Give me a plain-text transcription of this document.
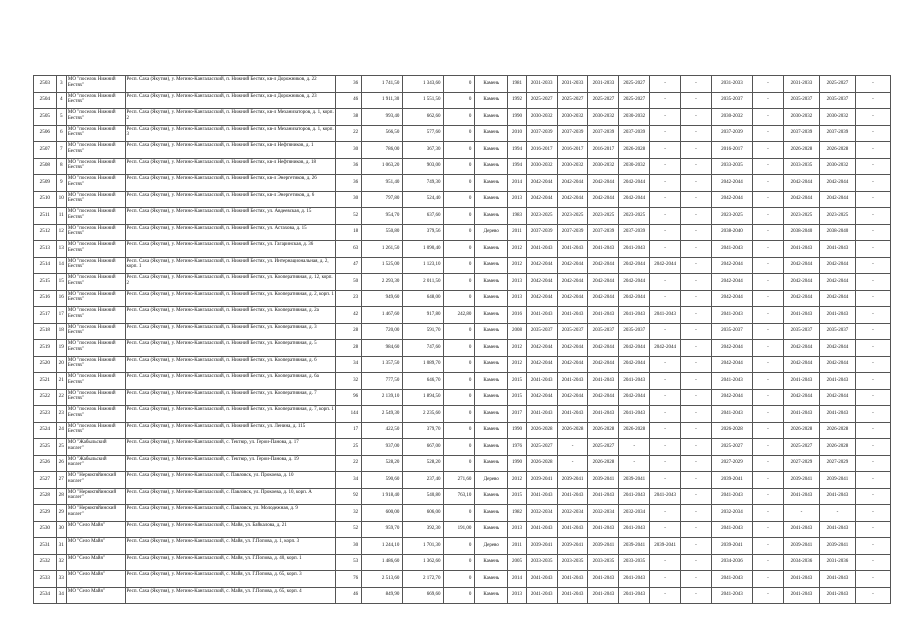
2503	3	МО "поселок Нижний Бестях"	Респ. Саха (Якутия), у. Мегино-Кангаласский, п. Нижний Бестях, кв-л Дорожников, д. 22	36	1 741,50	1 343,60	0	Камень	1981	2031-2033	2031-2033	2031-2033	2025-2027	-	-	2031-2033	-	2031-2033	2025-2027	-
2504	4	МО "поселок Нижний Бестях"	Респ. Саха (Якутия), у. Мегино-Кангаласский, п. Нижний Бестях, кв-л Дорожников, д. 23	46	1 911,30	1 551,50	0	Камень	1992	2025-2027	2025-2027	2025-2027	2025-2027	-	-	2035-2037	-	2035-2037	2035-2037	-
2505	5	МО "поселок Нижний Бестях"	Респ. Саха (Якутия), у. Мегино-Кангаласский, п. Нижний Бестях, кв-л Механизаторов, д. 1, корп. 2	38	993,40	662,60	0	Камень	1990	2030-2032	2030-2032	2030-2032	2030-2032	-	-	2030-2032	-	2030-2032	2030-2032	-
2506	6	МО "поселок Нижний Бестях"	Респ. Саха (Якутия), у. Мегино-Кангаласский, п. Нижний Бестях, кв-л Механизаторов, д. 1, корп. 3	22	566,50	577,60	0	Камень	2010	2037-2039	2037-2039	2037-2039	2037-2039	-	-	2037-2039	-	2037-2039	2037-2039	-
2507	7	МО "поселок Нижний Бестях"	Респ. Саха (Якутия), у. Мегино-Кангаласский, п. Нижний Бестях, кв-л Нефтяников, д. 1	30	786,00	367,30	0	Камень	1994	2016-2017	2016-2017	2016-2017	2026-2028	-	-	2016-2017	-	2026-2028	2026-2028	-
2508	8	МО "поселок Нижний Бестях"	Респ. Саха (Якутия), у. Мегино-Кангаласский, п. Нижний Бестях, кв-л Нефтяников, д. 18	36	1 063,20	903,00	0	Камень	1994	2030-2032	2030-2032	2030-2032	2030-2032	-	-	2033-2035	-	2033-2035	2030-2032	-
2509	9	МО "поселок Нижний Бестях"	Респ. Саха (Якутия), у. Мегино-Кангаласский, п. Нижний Бестях, кв-л Энергетиков, д. 26	36	951,40	749,30	0	Камень	2014	2042-2044	2042-2044	2042-2044	2042-2044	-	-	2042-2044	-	2042-2044	2042-2044	-
2510	10	МО "поселок Нижний Бестях"	Респ. Саха (Якутия), у. Мегино-Кангаласский, п. Нижний Бестях, кв-л Энергетиков, д. 6	30	797,80	524,40	0	Камень	2013	2042-2044	2042-2044	2042-2044	2042-2044	-	-	2042-2044	-	2042-2044	2042-2044	-
2511	11	МО "поселок Нижний Бестях"	Респ. Саха (Якутия), у. Мегино-Кангаласский, п. Нижний Бестях, ул. Авдеевская, д. 15	52	954,70	637,60	0	Камень	1983	2023-2025	2023-2025	2023-2025	2023-2025	-	-	2023-2025	-	2023-2025	2023-2025	-
2512	12	МО "поселок Нижний Бестях"	Респ. Саха (Якутия), у. Мегино-Кангаласский, п. Нижний Бестях, ул. Астахова, д. 15	18	550,80	379,56	0	Дерево	2011	2037-2039	2037-2039	2037-2039	2037-2039	-	-	2038-2040	-	2038-2040	2038-2040	-
2513	13	МО "поселок Нижний Бестях"	Респ. Саха (Якутия), у. Мегино-Кангаласский, п. Нижний Бестях, ул. Гагаринская, д. 36	63	1 261,50	1 090,40	0	Камень	2012	2041-2043	2041-2043	2041-2043	2041-2043	-	-	2041-2043	-	2041-2043	2041-2043	-
2514	14	МО "поселок Нижний Бестях"	Респ. Саха (Якутия), у. Мегино-Кангаласский, п. Нижний Бестях, ул. Интернациональная, д. 2, корп. 1	47	1 525,00	1 123,10	0	Камень	2012	2042-2044	2042-2044	2042-2044	2042-2044	2042-2044	-	2042-2044	-	2042-2044	2042-2044	-
2515	15	МО "поселок Нижний Бестях"	Респ. Саха (Якутия), у. Мегино-Кангаласский, п. Нижний Бестях, ул. Кооперативная, д. 12, корп. 2	50	2 293,30	2 011,50	0	Камень	2013	2042-2044	2042-2044	2042-2044	2042-2044	-	-	2042-2044	-	2042-2044	2042-2044	-
2516	16	МО "поселок Нижний Бестях"	Респ. Саха (Якутия), у. Мегино-Кангаласский, п. Нижний Бестях, ул. Кооперативная, д. 2, корп. 1	23	949,60	648,00	0	Камень	2013	2042-2044	2042-2044	2042-2044	2042-2044	-	-	2042-2044	-	2042-2044	2042-2044	-
2517	17	МО "поселок Нижний Бестях"	Респ. Саха (Якутия), у. Мегино-Кангаласский, п. Нижний Бестях, ул. Кооперативная, д. 2а	42	1 467,60	917,80	242,80	Камень	2016	2041-2043	2041-2043	2041-2043	2041-2043	2041-2043	-	2041-2043	-	2041-2043	2041-2043	-
2518	18	МО "поселок Нижний Бестях"	Респ. Саха (Якутия), у. Мегино-Кангаласский, п. Нижний Бестях, ул. Кооперативная, д. 3	28	720,00	591,70	0	Камень	2008	2035-2037	2035-2037	2035-2037	2035-2037	-	-	2035-2037	-	2035-2037	2035-2037	-
2519	19	МО "поселок Нижний Бестях"	Респ. Саха (Якутия), у. Мегино-Кангаласский, п. Нижний Бестях, ул. Кооперативная, д. 5	28	984,60	747,60	0	Камень	2012	2042-2044	2042-2044	2042-2044	2042-2044	2042-2044	-	2042-2044	-	2042-2044	2042-2044	-
2520	20	МО "поселок Нижний Бестях"	Респ. Саха (Якутия), у. Мегино-Кангаласский, п. Нижний Бестях, ул. Кооперативная, д. 6	34	1 357,50	1 089,70	0	Камень	2012	2042-2044	2042-2044	2042-2044	2042-2044	-	-	2042-2044	-	2042-2044	2042-2044	-
2521	21	МО "поселок Нижний Бестях"	Респ. Саха (Якутия), у. Мегино-Кангаласский, п. Нижний Бестях, ул. Кооперативная, д. 6а	32	777,50	646,70	0	Камень	2015	2041-2043	2041-2043	2041-2043	2041-2043	-	-	2041-2043	-	2041-2043	2041-2043	-
2522	22	МО "поселок Нижний Бестях"	Респ. Саха (Якутия), у. Мегино-Кангаласский, п. Нижний Бестях, ул. Кооперативная, д. 7	96	2 139,10	1 894,50	0	Камень	2015	2042-2044	2042-2044	2042-2044	2042-2044	-	-	2042-2044	-	2042-2044	2042-2044	-
2523	23	МО "поселок Нижний Бестях"	Респ. Саха (Якутия), у. Мегино-Кангаласский, п. Нижний Бестях, ул. Кооперативная, д. 7, корп. 1	144	2 549,30	2 235,60	0	Камень	2017	2041-2043	2041-2043	2041-2043	2041-2043	-	-	2041-2043	-	2041-2043	2041-2043	-
2524	24	МО "поселок Нижний Бестях"	Респ. Саха (Якутия), у. Мегино-Кангаласский, п. Нижний Бестях, ул. Ленина, д. 115	17	422,50	379,70	0	Камень	1990	2026-2028	2026-2028	2026-2028	2026-2028	-	-	2026-2028	-	2026-2028	2026-2028	-
2525	25	МО "Жабыльский наслег"	Респ. Саха (Якутия), у. Мегино-Кангаласский, с. Тектюр, ул. Герои-Панова, д. 17	25	937,00	667,00	0	Камень	1976	2025-2027	-	2025-2027	-	-	-	2025-2027	-	2025-2027	2026-2028	-
2526	26	МО "Жабыльский наслег"	Респ. Саха (Якутия), у. Мегино-Кангаласский, с. Тектюр, ул. Герои-Панова, д. 19	22	528,20	528,20	0	Камень	1990	2026-2028	-	2026-2028	-	-	-	2027-2029	-	2027-2029	2027-2029	-
2527	27	МО "Нерюктяйинский наслег"	Респ. Саха (Якутия), у. Мегино-Кангаласский, с. Павловск, ул. Прокоева, д. 10	34	590,60	237,40	271,60	Дерево	2012	2039-2041	2039-2041	2039-2041	2039-2041	-	-	2039-2041	-	2039-2041	2039-2041	-
2528	28	МО "Нерюктяйинский наслег"	Респ. Саха (Якутия), у. Мегино-Кангаласский, с. Павловск, ул. Прокоева, д. 10, корп. А	92	1 918,40	540,80	763,10	Камень	2015	2041-2043	2041-2043	2041-2043	2041-2043	2041-2043	-	2041-2043	-	2041-2043	2041-2043	-
2529	29	МО "Нерюктяйинский наслег"	Респ. Саха (Якутия), у. Мегино-Кангаласский, с. Павловск, ул. Молодежная, д. 9	32	600,00	606,00	0	Камень	1982	2032-2034	2032-2034	2032-2034	2032-2034	-	-	2032-2034	-	-	-	-
2530	30	МО "Село Майя"	Респ. Саха (Якутия), у. Мегино-Кангаласский, с. Майя, ул. Байкалова, д. 21	52	959,70	392,30	191,00	Камень	2013	2041-2043	2041-2043	2041-2043	2041-2043	-	-	2041-2043	-	2041-2043	2041-2043	-
2531	31	МО "Село Майя"	Респ. Саха (Якутия), у. Мегино-Кангаласский, с. Майя, ул. Г.Попова, д. 1, корп. 3	30	1 244,10	1 701,30	0	Дерево	2011	2039-2041	2039-2041	2039-2041	2039-2041	2039-2041	-	2039-2041	-	2039-2041	2039-2041	-
2532	32	МО "Село Майя"	Респ. Саха (Якутия), у. Мегино-Кангаласский, с. Майя, ул. Г.Попова, д. 40, корп. 1	53	1 486,60	1 362,60	0	Камень	2005	2033-2035	2033-2035	2033-2035	2033-2035	-	-	2034-2036	-	2034-2036	2031-2036	-
2533	33	МО "Село Майя"	Респ. Саха (Якутия), у. Мегино-Кангаласский, с. Майя, ул. Г.Попова, д. 65, корп. 3	76	2 513,60	2 172,70	0	Камень	2014	2041-2043	2041-2043	2041-2043	2041-2043	-	-	2041-2043	-	2041-2043	2041-2043	-
2534	34	МО "Село Майя"	Респ. Саха (Якутия), у. Мегино-Кангаласский, с. Майя, ул. Г.Попова, д. 65, корп. 4	46	849,90	669,60	0	Камень	2013	2041-2043	2041-2043	2041-2043	2041-2043	-	-	2041-2043	-	2041-2043	2041-2043	-
